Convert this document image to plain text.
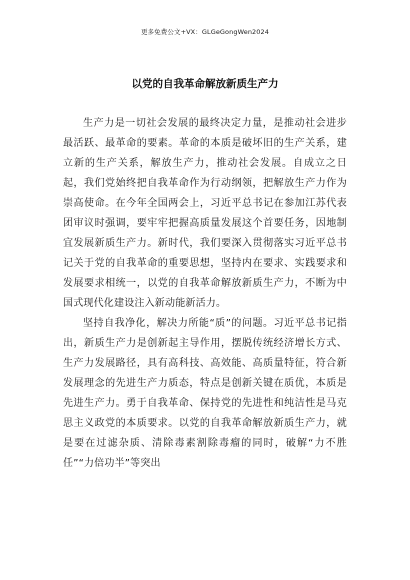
更多免费公文+VX：GLGeGongWen2024
以党的自我革命解放新质生产力

生产力是一切社会发展的最终决定力量，是推动社会进步最活跃、最革命的要素。革命的本质是破坏旧的生产关系，建立新的生产关系，解放生产力，推动社会发展。自成立之日起，我们党始终把自我革命作为行动纲领，把解放生产力作为崇高使命。在今年全国两会上，习近平总书记在参加江苏代表团审议时强调，要牢牢把握高质量发展这个首要任务，因地制宜发展新质生产力。新时代，我们要深入贯彻落实习近平总书记关于党的自我革命的重要思想，坚持内在要求、实践要求和发展要求相统一，以党的自我革命解放新质生产力，不断为中国式现代化建设注入新动能新活力。

坚持自我净化，解决力所能“质”的问题。习近平总书记指出，新质生产力是创新起主导作用，摆脱传统经济增长方式、生产力发展路径，具有高科技、高效能、高质量特征，符合新发展理念的先进生产力质态，特点是创新关键在质优，本质是先进生产力。勇于自我革命、保持党的先进性和纯洁性是马克思主义政党的本质要求。以党的自我革命解放新质生产力，就是要在过滤杂质、清除毒素割除毒瘤的同时，破解“力不胜任”“力倍功半”等突出
